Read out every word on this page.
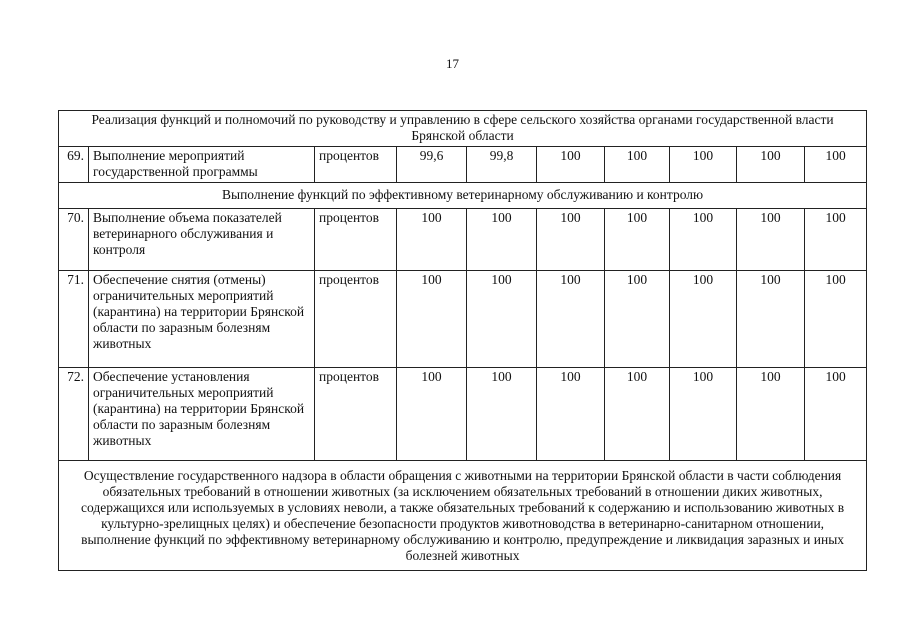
17
Реализация функций и полномочий по руководству и управлению в сфере сельского хозяйства органами государственной власти Брянской области									
69.	Выполнение мероприятий государственной программы	процентов	99,6	99,8	100	100	100	100	100
Выполнение функций по эффективному ветеринарному обслуживанию и контролю									
70.	Выполнение объема показателей ветеринарного обслуживания и контроля	процентов	100	100	100	100	100	100	100
71.	Обеспечение снятия (отмены) ограничительных мероприятий (карантина) на территории Брянской области по заразным болезням животных	процентов	100	100	100	100	100	100	100
72.	Обеспечение установления ограничительных мероприятий (карантина) на территории Брянской области по заразным болезням животных	процентов	100	100	100	100	100	100	100
Осуществление государственного надзора в области обращения с животными на территории Брянской области в части соблюдения обязательных требований в отношении животных (за исключением обязательных требований в отношении диких животных, содержащихся или используемых в условиях неволи, а также обязательных требований к содержанию и использованию животных в культурно-зрелищных целях) и обеспечение безопасности продуктов животноводства в ветеринарно-санитарном отношении, выполнение функций по эффективному ветеринарному обслуживанию и контролю, предупреждение и ликвидация заразных и иных болезней животных									
